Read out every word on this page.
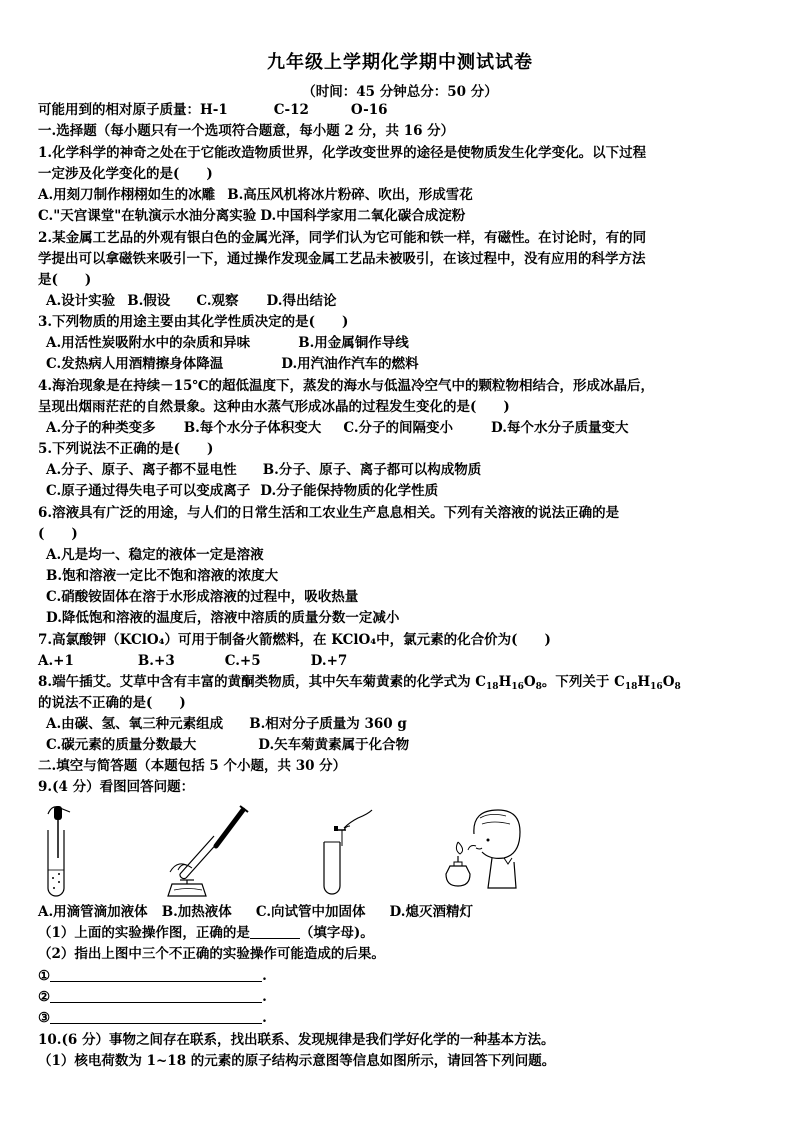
九年级上学期化学期中测试试卷
（时间：45 分钟总分：50 分）
可能用到的相对原子质量：H-1	C-12	O-16
一.选择题（每小题只有一个选项符合题意，每小题 2 分，共 16 分）
1.化学科学的神奇之处在于它能改造物质世界，化学改变世界的途径是使物质发生化学变化。以下过程
一定涉及化学变化的是(　　)
A.用刻刀制作栩栩如生的冰雕 B.高压风机将冰片粉碎、吹出，形成雪花
C."天宫课堂"在轨演示水油分离实验 D.中国科学家用二氧化碳合成淀粉
2.某金属工艺品的外观有银白色的金属光泽，同学们认为它可能和铁一样，有磁性。在讨论时，有的同
学提出可以拿磁铁来吸引一下，通过操作发现金属工艺品未被吸引，在该过程中，没有应用的科学方法
是(　　)
A.设计实验 B.假设 C.观察 D.得出结论
3.下列物质的用途主要由其化学性质决定的是(　　)
A.用活性炭吸附水中的杂质和异味	B.用金属铜作导线
C.发热病人用酒精擦身体降温	D.用汽油作汽车的燃料
4.海治现象是在持续－15℃的超低温度下，蒸发的海水与低温冷空气中的颗粒物相结合，形成冰晶后，
呈现出烟雨茫茫的自然景象。这种由水蒸气形成冰晶的过程发生变化的是(　　)
A.分子的种类变多 B.每个水分子体积变大 C.分子的间隔变小	D.每个水分子质量变大
5.下列说法不正确的是(　　)
A.分子、原子、离子都不显电性 B.分子、原子、离子都可以构成物质
C.原子通过得失电子可以变成离子 D.分子能保持物质的化学性质
6.溶液具有广泛的用途，与人们的日常生活和工农业生产息息相关。下列有关溶液的说法正确的是
(　　)
A.凡是均一、稳定的液体一定是溶液
B.饱和溶液一定比不饱和溶液的浓度大
C.硝酸铵固体在溶于水形成溶液的过程中，吸收热量
D.降低饱和溶液的温度后，溶液中溶质的质量分数一定减小
7.高氯酸钾（KClO₄）可用于制备火箭燃料，在 KClO₄中，氯元素的化合价为(　　)
A.+1	B.+3	C.+5	D.+7
8.端午插艾。艾草中含有丰富的黄酮类物质，其中矢车菊黄素的化学式为 $C_{18}H_{16}O_8$。下列关于 $C_{18}H_{16}O_8$
的说法不正确的是(　　)
A.由碳、氢、氧三种元素组成 B.相对分子质量为 360 g
C.碳元素的质量分数最大	D.矢车菊黄素属于化合物
二.填空与简答题（本题包括 5 个小题，共 30 分）
9.(4 分）看图回答问题：
A.用滴管滴加液体 B.加热液体 C.向试管中加固体 D.熄灭酒精灯
（1）上面的实验操作图，正确的是	（填字母)。
（2）指出上图中三个不正确的实验操作可能造成的后果。
①	.
②	.
③	.
10.(6 分）事物之间存在联系，找出联系、发现规律是我们学好化学的一种基本方法。
（1）核电荷数为 1~18 的元素的原子结构示意图等信息如图所示，请回答下列问题。
